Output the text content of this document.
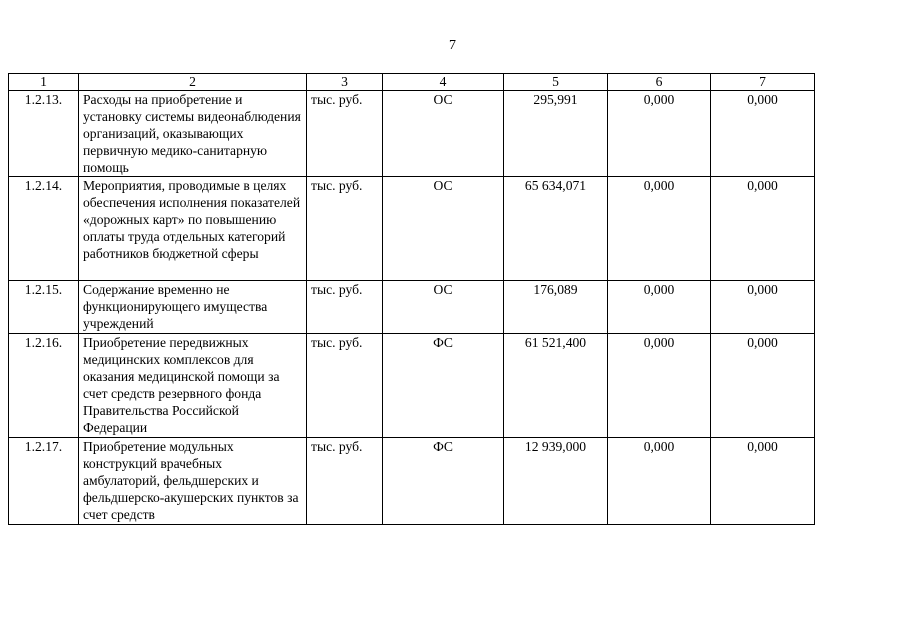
7
1	2	3	4	5	6	7
1.2.13.	Расходы на приобретение и установку системы видеонаблюдения организаций, оказывающих первичную медико-санитарную помощь	тыс. руб.	ОС	295,991	0,000	0,000
1.2.14.	Мероприятия, проводимые в целях обеспечения исполнения показателей «дорожных карт» по повышению оплаты труда отдельных категорий работников бюджетной сферы	тыс. руб.	ОС	65 634,071	0,000	0,000
1.2.15.	Содержание временно не функционирующего имущества учреждений	тыс. руб.	ОС	176,089	0,000	0,000
1.2.16.	Приобретение передвижных медицинских комплексов для оказания медицинской помощи за счет средств резервного фонда Правительства Российской Федерации	тыс. руб.	ФС	61 521,400	0,000	0,000
1.2.17.	Приобретение модульных конструкций врачебных амбулаторий, фельдшерских и фельдшерско-акушерских пунктов за счет средств	тыс. руб.	ФС	12 939,000	0,000	0,000
